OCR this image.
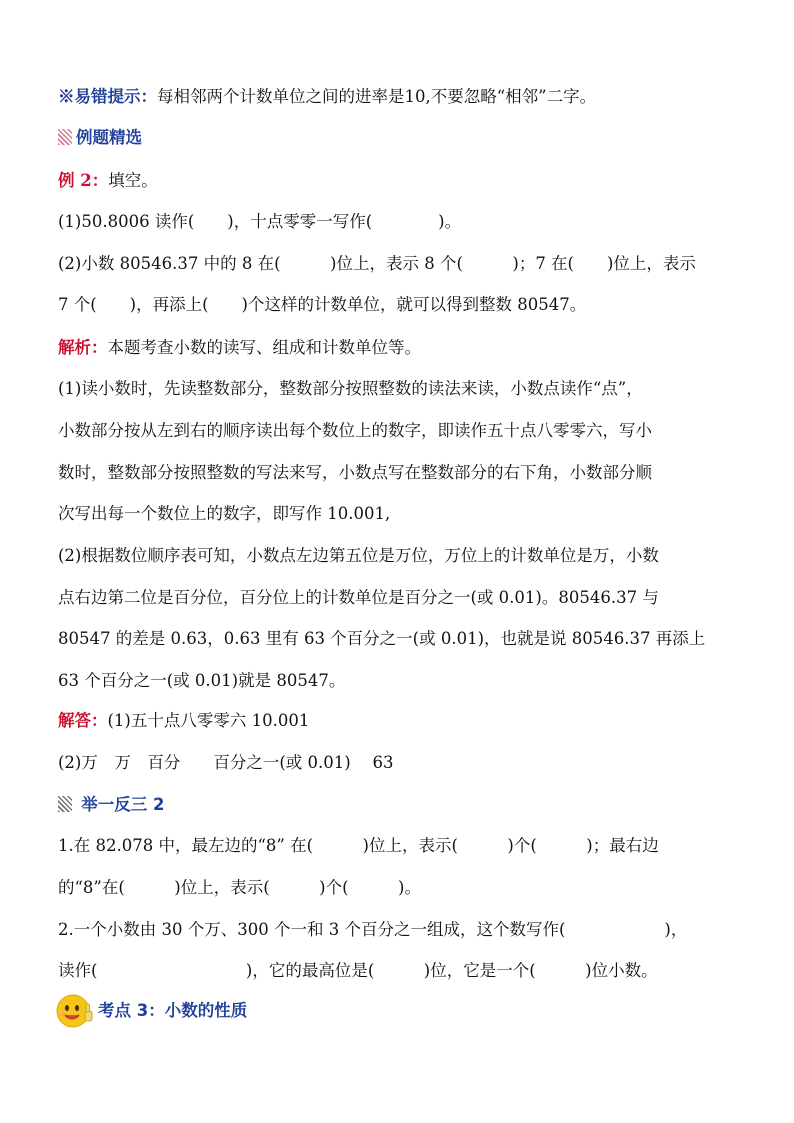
※易错提示：每相邻两个计数单位之间的进率是10,不要忽略“相邻”二字。
例题精选
例 2：填空。
(1)50.8006 读作(　　)，十点零零一写作(　　　　)。
(2)小数 80546.37 中的 8 在(　　　)位上，表示 8 个(　　　)；7 在(　　)位上，表示
7 个(　　)，再添上(　　)个这样的计数单位，就可以得到整数 80547。
解析：本题考查小数的读写、组成和计数单位等。
(1)读小数时，先读整数部分，整数部分按照整数的读法来读，小数点读作“点”，
小数部分按从左到右的顺序读出每个数位上的数字，即读作五十点八零零六，写小
数时，整数部分按照整数的写法来写，小数点写在整数部分的右下角，小数部分顺
次写出每一个数位上的数字，即写作 10.001,
(2)根据数位顺序表可知，小数点左边第五位是万位，万位上的计数单位是万，小数
点右边第二位是百分位，百分位上的计数单位是百分之一(或 0.01)。80546.37 与
80547 的差是 0.63，0.63 里有 63 个百分之一(或 0.01)，也就是说 80546.37 再添上
63 个百分之一(或 0.01)就是 80547。
解答：(1)五十点八零零六 10.001
(2)万　万　百分　　百分之一(或 0.01)　 63
举一反三 2
1.在 82.078 中，最左边的“8” 在(　　　)位上，表示(　　　)个(　　　)；最右边
的“8”在(　　　)位上，表示(　　　)个(　　　)。
2.一个小数由 30 个万、300 个一和 3 个百分之一组成，这个数写作(　　　　　　)，
读作(　　　　　　　　　)，它的最高位是(　　　)位，它是一个(　　　)位小数。
考点 3：小数的性质
